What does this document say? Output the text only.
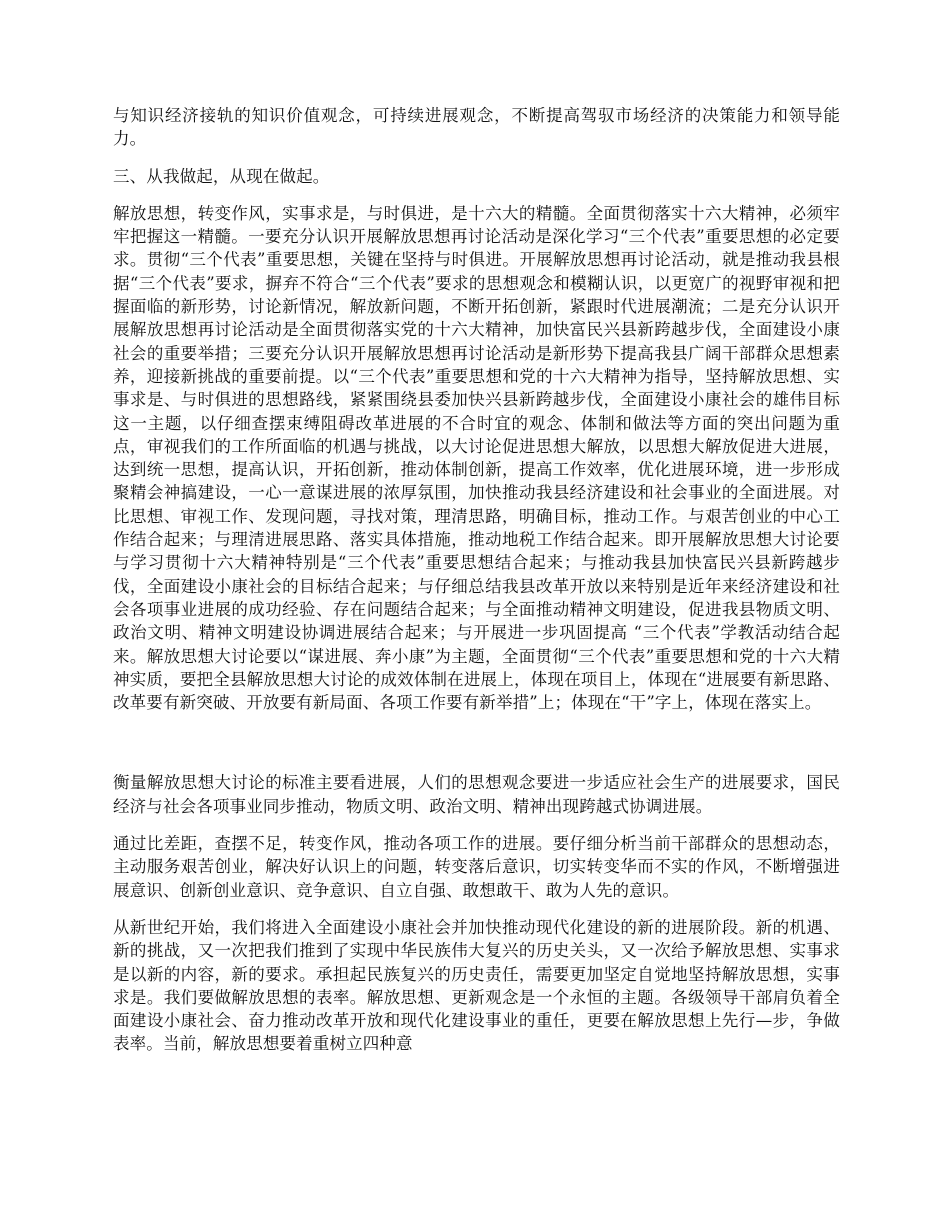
与知识经济接轨的知识价值观念，可持续进展观念，不断提高驾驭市场经济的决策能力和领导能力。

三、从我做起，从现在做起。

解放思想，转变作风，实事求是，与时俱进，是十六大的精髓。全面贯彻落实十六大精神，必须牢牢把握这一精髓。一要充分认识开展解放思想再讨论活动是深化学习“三个代表”重要思想的必定要求。贯彻“三个代表”重要思想，关键在坚持与时俱进。开展解放思想再讨论活动，就是推动我县根据“三个代表”要求，摒弃不符合“三个代表”要求的思想观念和模糊认识，以更宽广的视野审视和把握面临的新形势，讨论新情况，解放新问题，不断开拓创新，紧跟时代进展潮流；二是充分认识开展解放思想再讨论活动是全面贯彻落实党的十六大精神，加快富民兴县新跨越步伐，全面建设小康社会的重要举措；三要充分认识开展解放思想再讨论活动是新形势下提高我县广阔干部群众思想素养，迎接新挑战的重要前提。以“三个代表”重要思想和党的十六大精神为指导，坚持解放思想、实事求是、与时俱进的思想路线，紧紧围绕县委加快兴县新跨越步伐，全面建设小康社会的雄伟目标这一主题，以仔细查摆束缚阻碍改革进展的不合时宜的观念、体制和做法等方面的突出问题为重点，审视我们的工作所面临的机遇与挑战，以大讨论促进思想大解放，以思想大解放促进大进展，达到统一思想，提高认识，开拓创新，推动体制创新，提高工作效率，优化进展环境，进一步形成聚精会神搞建设，一心一意谋进展的浓厚氛围，加快推动我县经济建设和社会事业的全面进展。对比思想、审视工作、发现问题，寻找对策，理清思路，明确目标，推动工作。与艰苦创业的中心工作结合起来；与理清进展思路、落实具体措施，推动地税工作结合起来。即开展解放思想大讨论要与学习贯彻十六大精神特别是“三个代表”重要思想结合起来；与推动我县加快富民兴县新跨越步伐，全面建设小康社会的目标结合起来；与仔细总结我县改革开放以来特别是近年来经济建设和社会各项事业进展的成功经验、存在问题结合起来；与全面推动精神文明建设，促进我县物质文明、政治文明、精神文明建设协调进展结合起来；与开展进一步巩固提高 “三个代表”学教活动结合起来。解放思想大讨论要以“谋进展、奔小康”为主题，全面贯彻“三个代表”重要思想和党的十六大精神实质，要把全县解放思想大讨论的成效体制在进展上，体现在项目上，体现在“进展要有新思路、改革要有新突破、开放要有新局面、各项工作要有新举措”上；体现在“干”字上，体现在落实上。

衡量解放思想大讨论的标准主要看进展，人们的思想观念要进一步适应社会生产的进展要求，国民经济与社会各项事业同步推动，物质文明、政治文明、精神出现跨越式协调进展。

通过比差距，查摆不足，转变作风，推动各项工作的进展。要仔细分析当前干部群众的思想动态，主动服务艰苦创业，解决好认识上的问题，转变落后意识，切实转变华而不实的作风，不断增强进展意识、创新创业意识、竞争意识、自立自强、敢想敢干、敢为人先的意识。

从新世纪开始，我们将进入全面建设小康社会并加快推动现代化建设的新的进展阶段。新的机遇、新的挑战，又一次把我们推到了实现中华民族伟大复兴的历史关头，又一次给予解放思想、实事求是以新的内容，新的要求。承担起民族复兴的历史责任，需要更加坚定自觉地坚持解放思想，实事求是。我们要做解放思想的表率。解放思想、更新观念是一个永恒的主题。各级领导干部肩负着全面建设小康社会、奋力推动改革开放和现代化建设事业的重任，更要在解放思想上先行—步，争做表率。当前，解放思想要着重树立四种意
